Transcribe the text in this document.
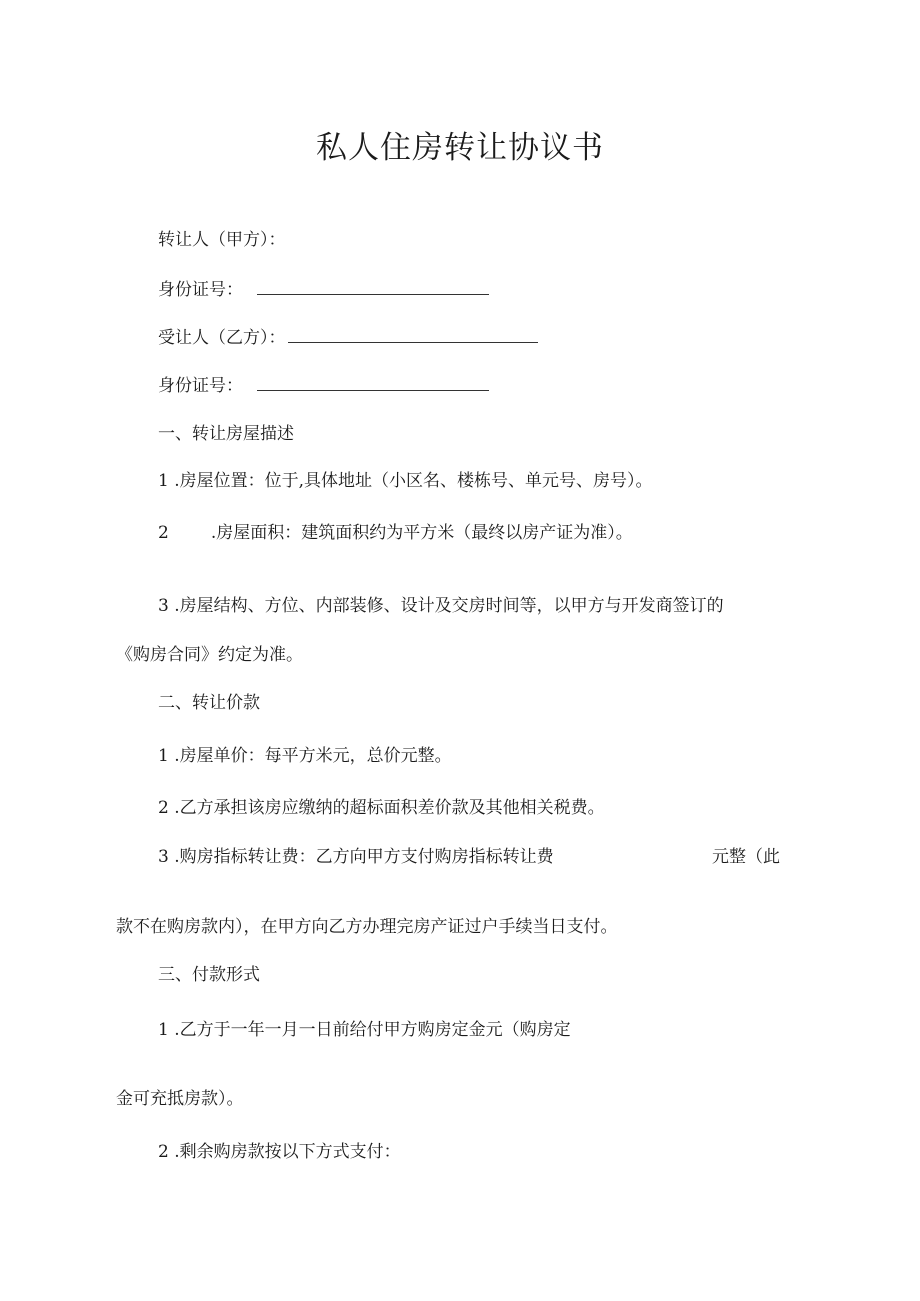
私人住房转让协议书
转让人（甲方）：
身份证号：
受让人（乙方）：
身份证号：
一、转让房屋描述
1 .房屋位置：位于,具体地址（小区名、楼栋号、单元号、房号）。
2 .房屋面积：建筑面积约为平方米（最终以房产证为准）。
3 .房屋结构、方位、内部装修、设计及交房时间等，以甲方与开发商签订的
《购房合同》约定为准。
二、转让价款
1 .房屋单价：每平方米元，总价元整。
2 .乙方承担该房应缴纳的超标面积差价款及其他相关税费。
3 .购房指标转让费：乙方向甲方支付购房指标转让费	元整（此
款不在购房款内），在甲方向乙方办理完房产证过户手续当日支付。
三、付款形式
1 .乙方于一年一月一日前给付甲方购房定金元（购房定
金可充抵房款）。
2 .剩余购房款按以下方式支付：
